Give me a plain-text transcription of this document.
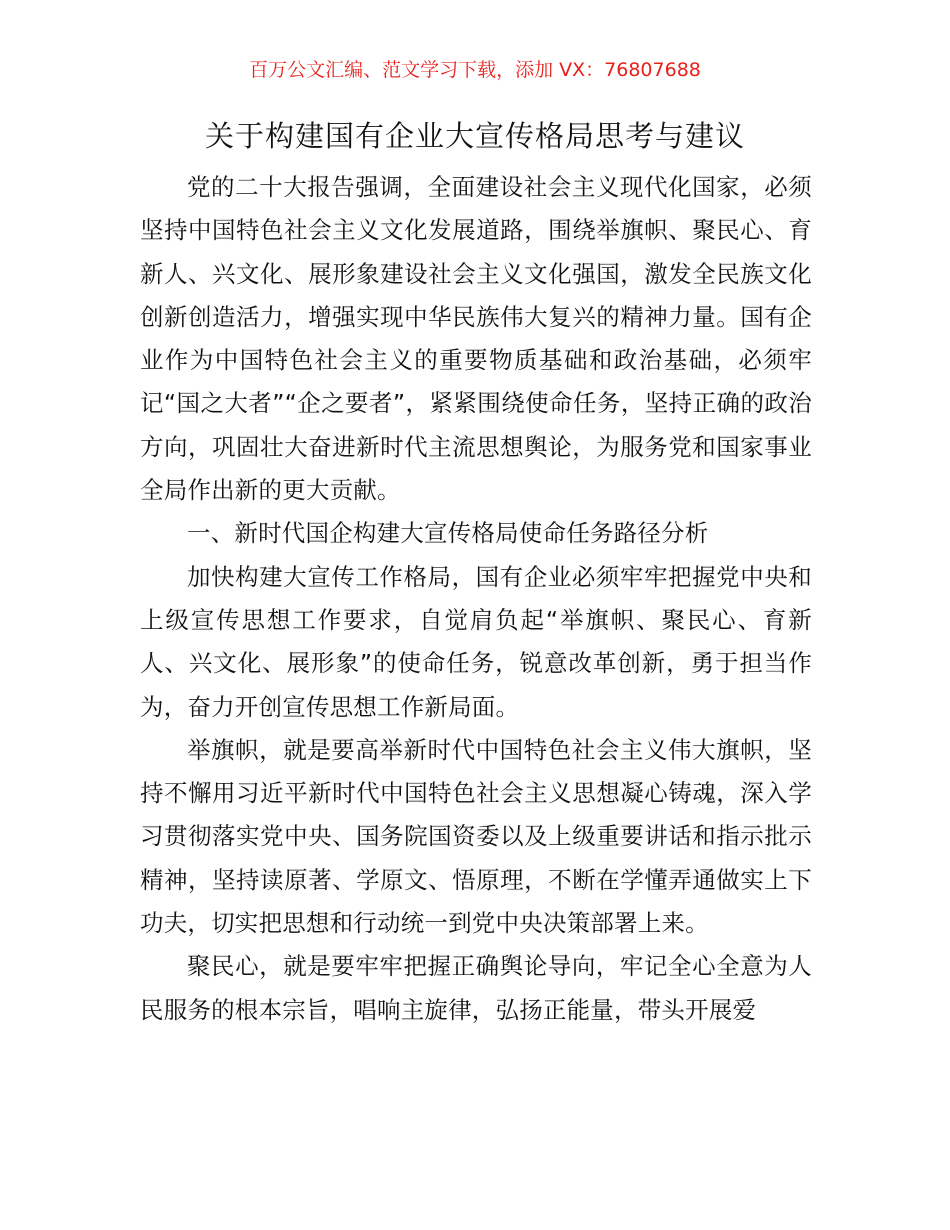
百万公文汇编、范文学习下载，添加 VX：76807688
关于构建国有企业大宣传格局思考与建议

党的二十大报告强调，全面建设社会主义现代化国家，必须坚持中国特色社会主义文化发展道路，围绕举旗帜、聚民心、育新人、兴文化、展形象建设社会主义文化强国，激发全民族文化创新创造活力，增强实现中华民族伟大复兴的精神力量。国有企业作为中国特色社会主义的重要物质基础和政治基础，必须牢记“国之大者”“企之要者”，紧紧围绕使命任务，坚持正确的政治方向，巩固壮大奋进新时代主流思想舆论，为服务党和国家事业全局作出新的更大贡献。

一、新时代国企构建大宣传格局使命任务路径分析

加快构建大宣传工作格局，国有企业必须牢牢把握党中央和上级宣传思想工作要求，自觉肩负起“举旗帜、聚民心、育新人、兴文化、展形象”的使命任务，锐意改革创新，勇于担当作为，奋力开创宣传思想工作新局面。

举旗帜，就是要高举新时代中国特色社会主义伟大旗帜，坚持不懈用习近平新时代中国特色社会主义思想凝心铸魂，深入学习贯彻落实党中央、国务院国资委以及上级重要讲话和指示批示精神，坚持读原著、学原文、悟原理，不断在学懂弄通做实上下功夫，切实把思想和行动统一到党中央决策部署上来。

聚民心，就是要牢牢把握正确舆论导向，牢记全心全意为人民服务的根本宗旨，唱响主旋律，弘扬正能量，带头开展爱
